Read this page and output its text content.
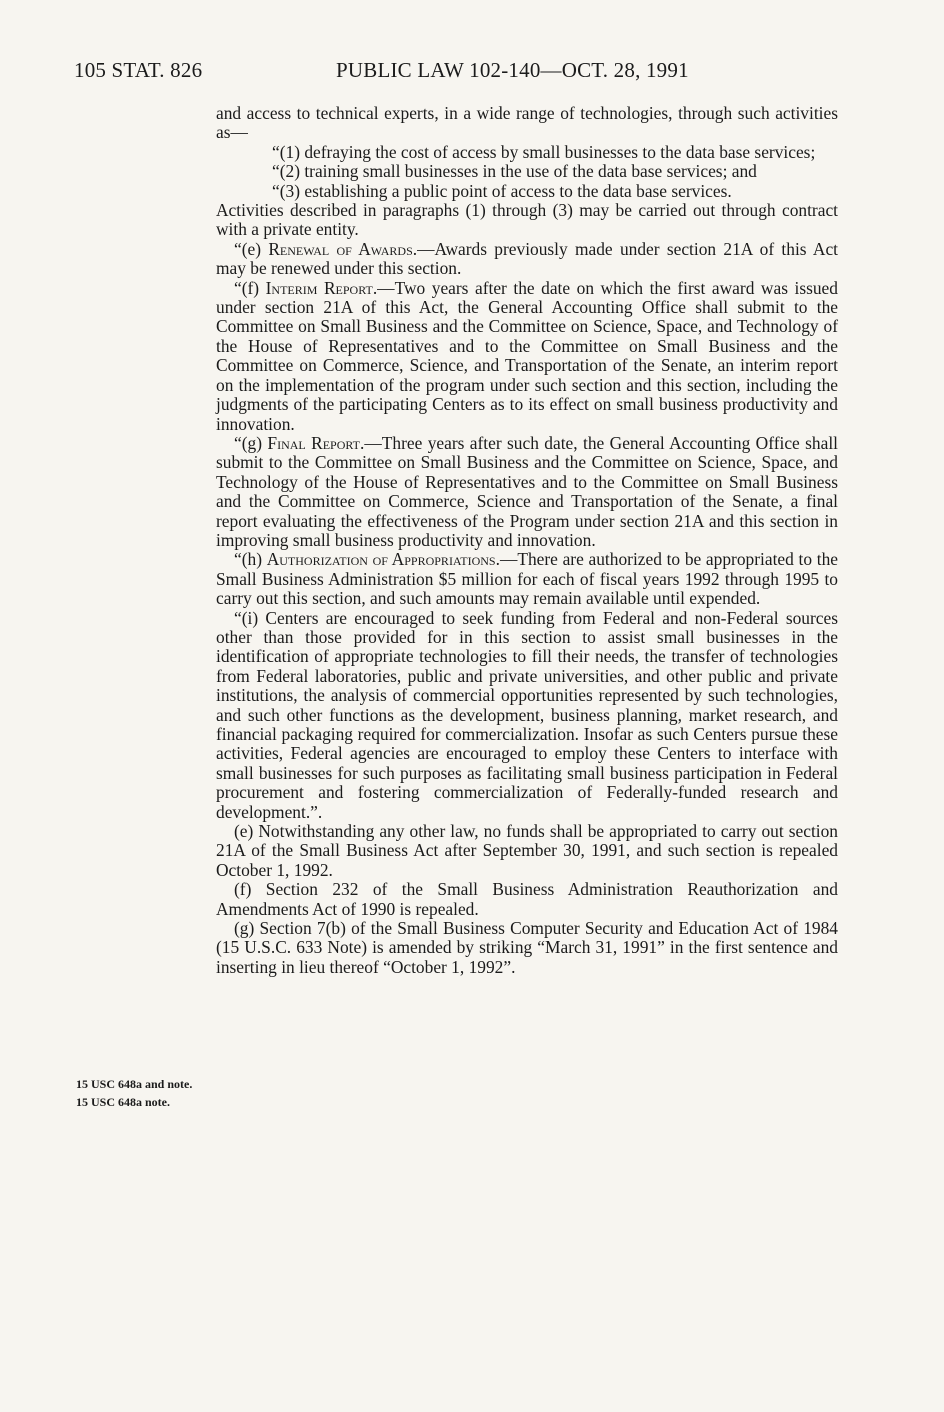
105 STAT. 826	PUBLIC LAW 102-140—OCT. 28, 1991

and access to technical experts, in a wide range of technologies, through such activities as—

“(1) defraying the cost of access by small businesses to the data base services;

“(2) training small businesses in the use of the data base services; and

“(3) establishing a public point of access to the data base services.

Activities described in paragraphs (1) through (3) may be carried out through contract with a private entity.

“(e) Renewal of Awards.—Awards previously made under section 21A of this Act may be renewed under this section.

“(f) Interim Report.—Two years after the date on which the first award was issued under section 21A of this Act, the General Accounting Office shall submit to the Committee on Small Business and the Committee on Science, Space, and Technology of the House of Representatives and to the Committee on Small Business and the Committee on Commerce, Science, and Transportation of the Senate, an interim report on the implementation of the program under such section and this section, including the judgments of the participating Centers as to its effect on small business productivity and innovation.

“(g) Final Report.—Three years after such date, the General Accounting Office shall submit to the Committee on Small Business and the Committee on Science, Space, and Technology of the House of Representatives and to the Committee on Small Business and the Committee on Commerce, Science and Transportation of the Senate, a final report evaluating the effectiveness of the Program under section 21A and this section in improving small business productivity and innovation.

“(h) Authorization of Appropriations.—There are authorized to be appropriated to the Small Business Administration $5 million for each of fiscal years 1992 through 1995 to carry out this section, and such amounts may remain available until expended.

“(i) Centers are encouraged to seek funding from Federal and non-Federal sources other than those provided for in this section to assist small businesses in the identification of appropriate technologies to fill their needs, the transfer of technologies from Federal laboratories, public and private universities, and other public and private institutions, the analysis of commercial opportunities represented by such technologies, and such other functions as the development, business planning, market research, and financial packaging required for commercialization. Insofar as such Centers pursue these activities, Federal agencies are encouraged to employ these Centers to interface with small businesses for such purposes as facilitating small business participation in Federal procurement and fostering commercialization of Federally-funded research and development.”.

(e) Notwithstanding any other law, no funds shall be appropriated to carry out section 21A of the Small Business Act after September 30, 1991, and such section is repealed October 1, 1992.

(f) Section 232 of the Small Business Administration Reauthorization and Amendments Act of 1990 is repealed.

(g) Section 7(b) of the Small Business Computer Security and Education Act of 1984 (15 U.S.C. 633 Note) is amended by striking “March 31, 1991” in the first sentence and inserting in lieu thereof “October 1, 1992”.

15 USC 648a and note.
15 USC 648a note.
